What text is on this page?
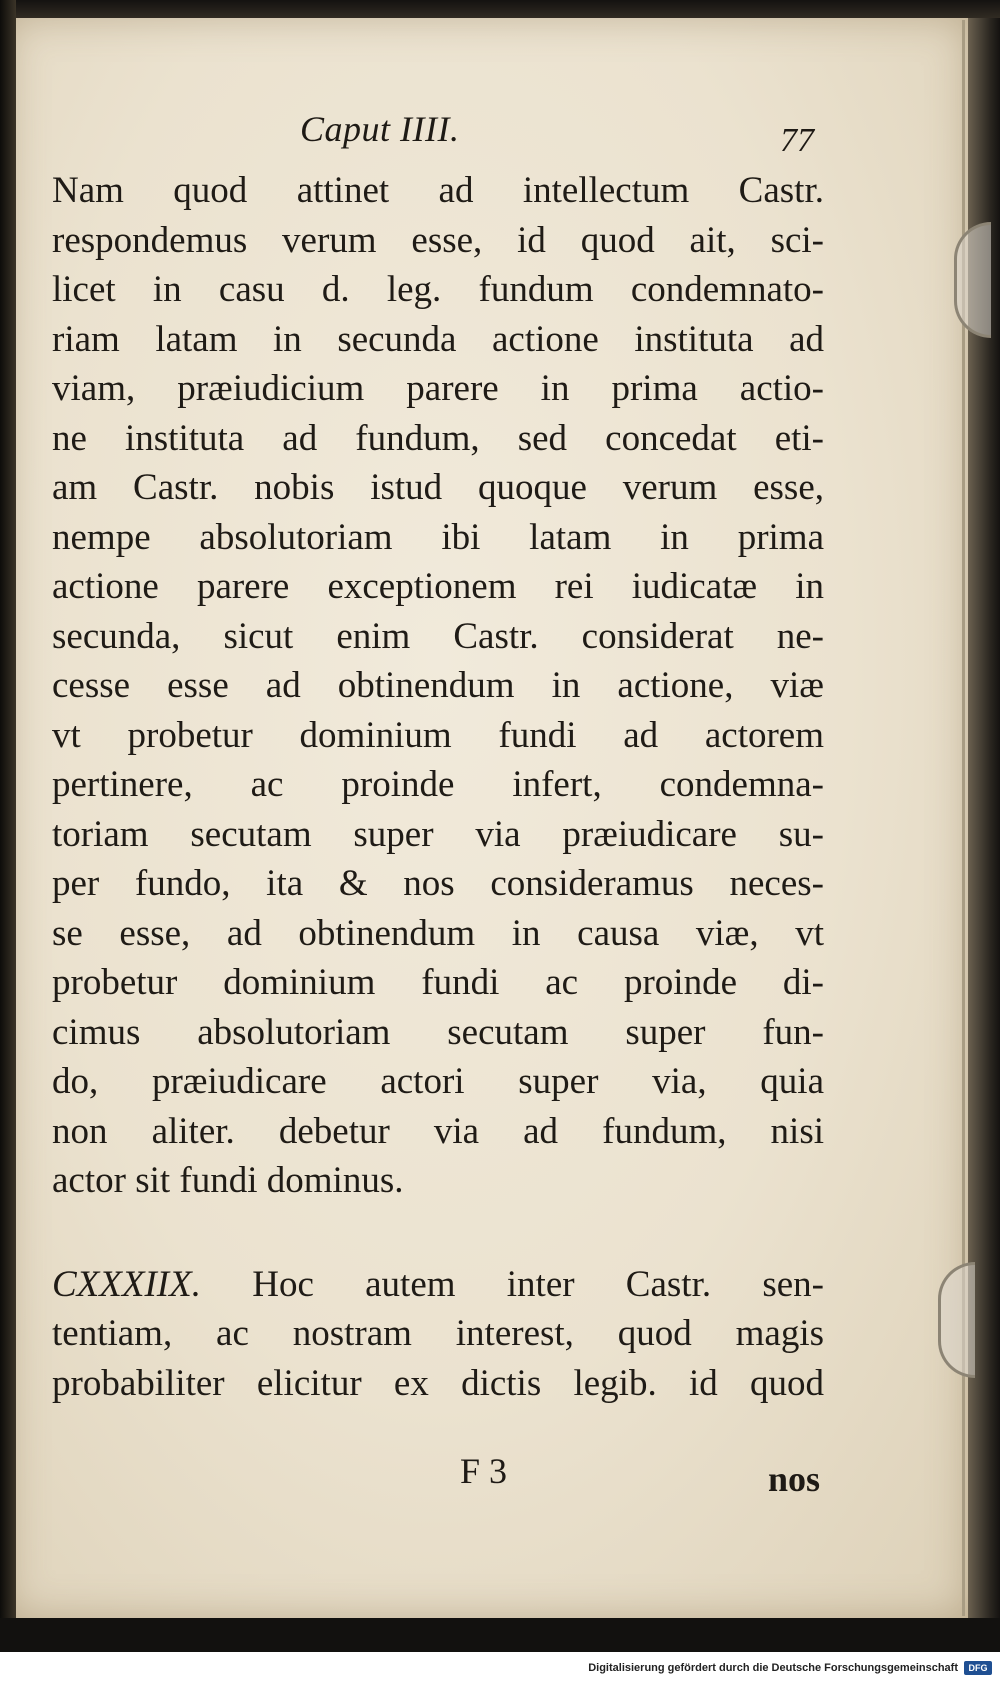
Caput IIII.	77
Nam quod attinet ad intellectum Castr.
respondemus verum esse, id quod ait, sci-
licet in casu d. leg. fundum condemnato-
riam latam in secunda actione instituta ad
viam, præiudicium parere in prima actio-
ne instituta ad fundum, sed concedat eti-
am Castr. nobis istud quoque verum esse,
nempe absolutoriam ibi latam in prima
actione parere exceptionem rei iudicatæ in
secunda, sicut enim Castr. considerat ne-
cesse esse ad obtinendum in actione, viæ
vt probetur dominium fundi ad actorem
pertinere, ac proinde infert, condemna-
toriam secutam super via præiudicare su-
per fundo, ita & nos consideramus neces-
se esse, ad obtinendum in causa viæ, vt
probetur dominium fundi ac proinde di-
cimus absolutoriam secutam super fun-
do, præiudicare actori super via, quia
non aliter. debetur via ad fundum, nisi
actor sit fundi dominus.
CXXXIIX. Hoc autem inter Castr. sen-
tentiam, ac nostram interest, quod magis
probabiliter elicitur ex dictis legib. id quod
F 3	nos
Digitalisierung gefördert durch die Deutsche Forschungsgemeinschaft	DFG
